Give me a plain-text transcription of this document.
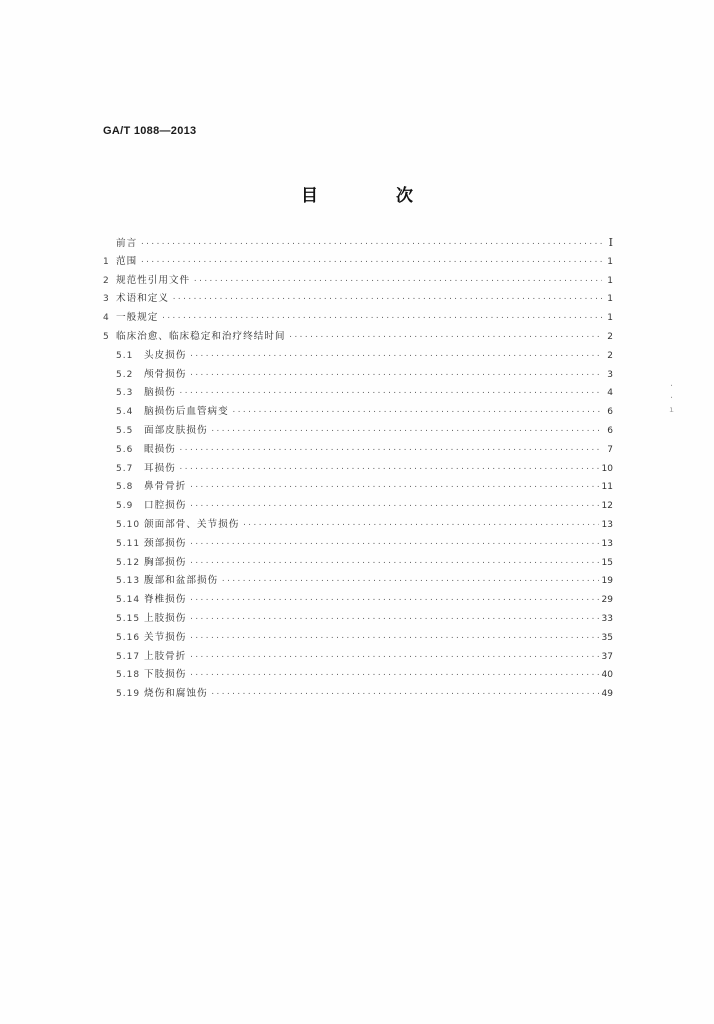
GA/T 1088—2013
目 次
前言 ·····	Ⅰ
1 范围 ·····	1
2 规范性引用文件 ·····	1
3 术语和定义 ·····	1
4 一般规定 ·····	1
5 临床治愈、临床稳定和治疗终结时间 ·····	2
5.1	头皮损伤 ·····	2
5.2	颅骨损伤 ·····	3
5.3	脑损伤 ·····	4
5.4	脑损伤后血管病变 ·····	6
5.5	面部皮肤损伤 ·····	6
5.6	眼损伤 ·····	7
5.7	耳损伤 ·····	10
5.8	鼻骨骨折 ·····	11
5.9	口腔损伤 ·····	12
5.10 颌面部骨、关节损伤 ·····	13
5.11 颈部损伤 ·····	13
5.12 胸部损伤 ·····	15
5.13 腹部和盆部损伤 ·····	19
5.14 脊椎损伤 ·····	29
5.15 上肢损伤 ·····	33
5.16 关节损伤 ·····	35
5.17 上肢骨折 ·····	37
5.18 下肢损伤 ·····	40
5.19 烧伤和腐蚀伤 ·····	49
·
·
ı
